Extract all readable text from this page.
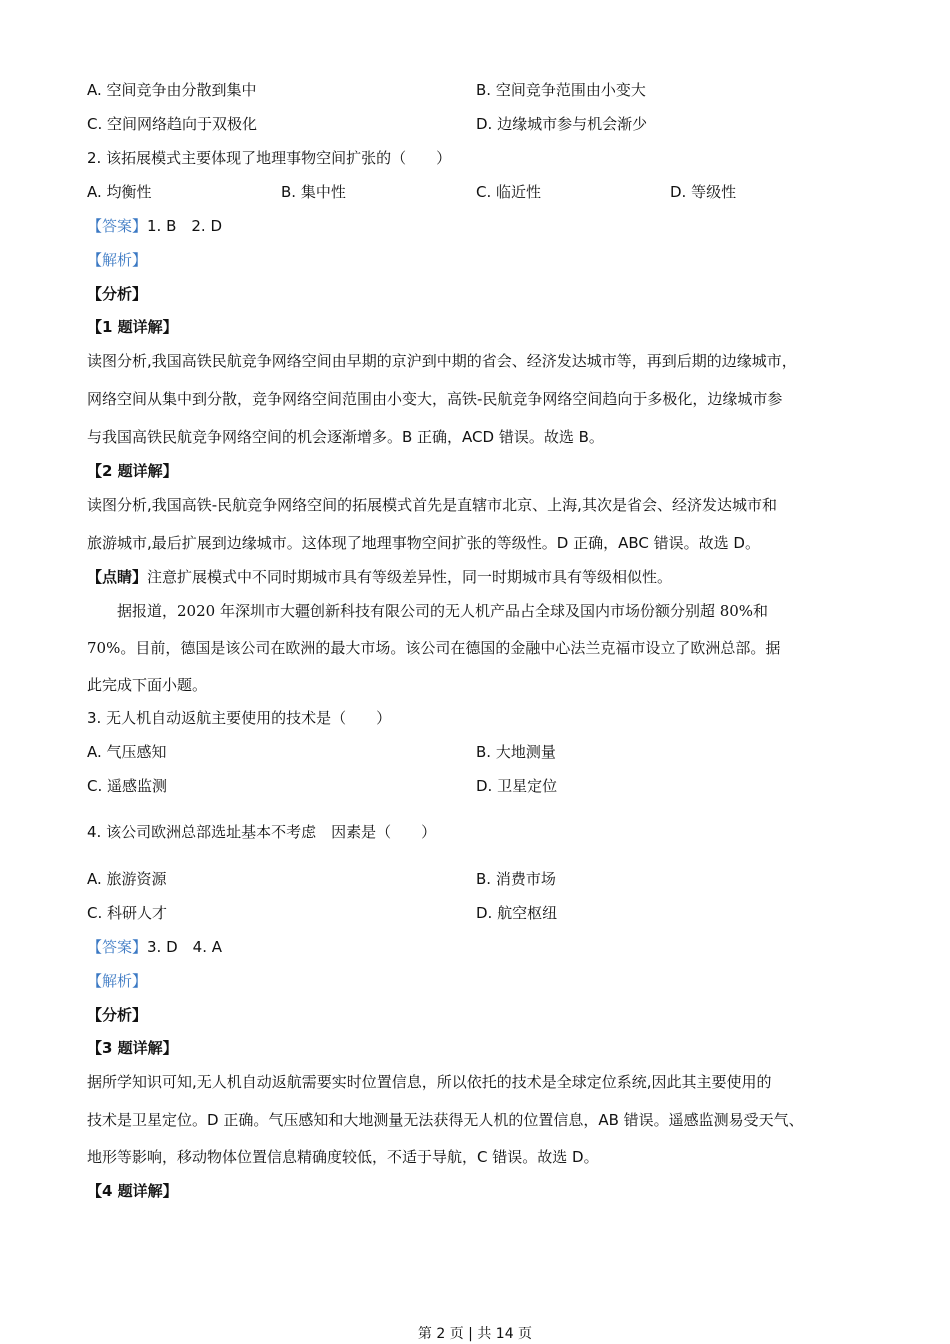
A. 空间竞争由分散到集中	B. 空间竞争范围由小变大
C. 空间网络趋向于双极化	D. 边缘城市参与机会渐少
2. 该拓展模式主要体现了地理事物空间扩张的（　　）
A. 均衡性	B. 集中性	C. 临近性	D. 等级性
【答案】1. B　2. D
【解析】
【分析】
【1 题详解】
读图分析,我国高铁民航竞争网络空间由早期的京沪到中期的省会、经济发达城市等，再到后期的边缘城市，
网络空间从集中到分散，竞争网络空间范围由小变大，高铁-民航竞争网络空间趋向于多极化，边缘城市参
与我国高铁民航竞争网络空间的机会逐渐增多。B 正确，ACD 错误。故选 B。
【2 题详解】
读图分析,我国高铁-民航竞争网络空间的拓展模式首先是直辖市北京、上海,其次是省会、经济发达城市和
旅游城市,最后扩展到边缘城市。这体现了地理事物空间扩张的等级性。D 正确，ABC 错误。故选 D。
【点睛】注意扩展模式中不同时期城市具有等级差异性，同一时期城市具有等级相似性。
　　据报道，2020 年深圳市大疆创新科技有限公司的无人机产品占全球及国内市场份额分别超 80%和
70%。目前，德国是该公司在欧洲的最大市场。该公司在德国的金融中心法兰克福市设立了欧洲总部。据
此完成下面小题。
3. 无人机自动返航主要使用的技术是（　　）
A. 气压感知	B. 大地测量
C. 遥感监测	D. 卫星定位
4. 该公司欧洲总部选址基本不考虑　因素是（　　）
A. 旅游资源	B. 消费市场
C. 科研人才	D. 航空枢纽
【答案】3. D　4. A
【解析】
【分析】
【3 题详解】
据所学知识可知,无人机自动返航需要实时位置信息，所以依托的技术是全球定位系统,因此其主要使用的
技术是卫星定位。D 正确。气压感知和大地测量无法获得无人机的位置信息，AB 错误。遥感监测易受天气、
地形等影响，移动物体位置信息精确度较低，不适于导航，C 错误。故选 D。
【4 题详解】
第 2 页 | 共 14 页
